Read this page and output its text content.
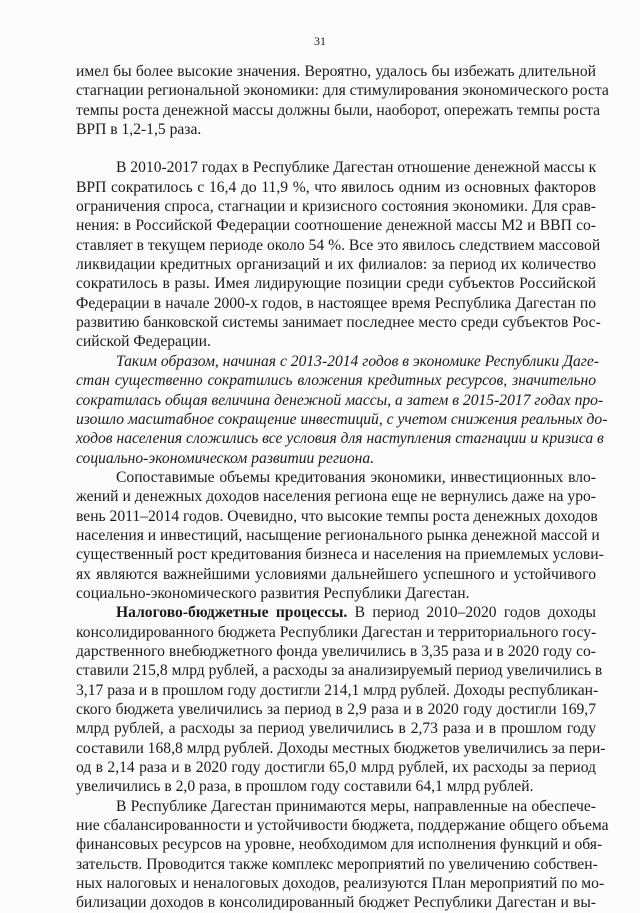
31
имел бы более высокие значения. Вероятно, удалось бы избежать длительной
стагнации региональной экономики: для стимулирования экономического роста
темпы роста денежной массы должны были, наоборот, опережать темпы роста
ВРП в 1,2-1,5 раза.
В 2010-2017 годах в Республике Дагестан отношение денежной массы к
ВРП сократилось с 16,4 до 11,9 %, что явилось одним из основных факторов
ограничения спроса, стагнации и кризисного состояния экономики. Для срав-
нения: в Российской Федерации соотношение денежной массы М2 и ВВП со-
ставляет в текущем периоде около 54 %. Все это явилось следствием массовой
ликвидации кредитных организаций и их филиалов: за период их количество
сократилось в разы. Имея лидирующие позиции среди субъектов Российской
Федерации в начале 2000-х годов, в настоящее время Республика Дагестан по
развитию банковской системы занимает последнее место среди субъектов Рос-
сийской Федерации.
Таким образом, начиная с 2013-2014 годов в экономике Республики Даге-
стан существенно сократились вложения кредитных ресурсов, значительно
сократилась общая величина денежной массы, а затем в 2015-2017 годах про-
изошло масштабное сокращение инвестиций, с учетом снижения реальных до-
ходов населения сложились все условия для наступления стагнации и кризиса в
социально-экономическом развитии региона.
Сопоставимые объемы кредитования экономики, инвестиционных вло-
жений и денежных доходов населения региона еще не вернулись даже на уро-
вень 2011–2014 годов. Очевидно, что высокие темпы роста денежных доходов
населения и инвестиций, насыщение регионального рынка денежной массой и
существенный рост кредитования бизнеса и населения на приемлемых услови-
ях являются важнейшими условиями дальнейшего успешного и устойчивого
социально-экономического развития Республики Дагестан.
Налогово-бюджетные процессы. В период 2010–2020 годов доходы
консолидированного бюджета Республики Дагестан и территориального госу-
дарственного внебюджетного фонда увеличились в 3,35 раза и в 2020 году со-
ставили 215,8 млрд рублей, а расходы за анализируемый период увеличились в
3,17 раза и в прошлом году достигли 214,1 млрд рублей. Доходы республикан-
ского бюджета увеличились за период в 2,9 раза и в 2020 году достигли 169,7
млрд рублей, а расходы за период увеличились в 2,73 раза и в прошлом году
составили 168,8 млрд рублей. Доходы местных бюджетов увеличились за пери-
од в 2,14 раза и в 2020 году достигли 65,0 млрд рублей, их расходы за период
увеличились в 2,0 раза, в прошлом году составили 64,1 млрд рублей.
В Республике Дагестан принимаются меры, направленные на обеспече-
ние сбалансированности и устойчивости бюджета, поддержание общего объема
финансовых ресурсов на уровне, необходимом для исполнения функций и обя-
зательств. Проводится также комплекс мероприятий по увеличению собствен-
ных налоговых и неналоговых доходов, реализуются План мероприятий по мо-
билизации доходов в консолидированный бюджет Республики Дагестан и вы-
